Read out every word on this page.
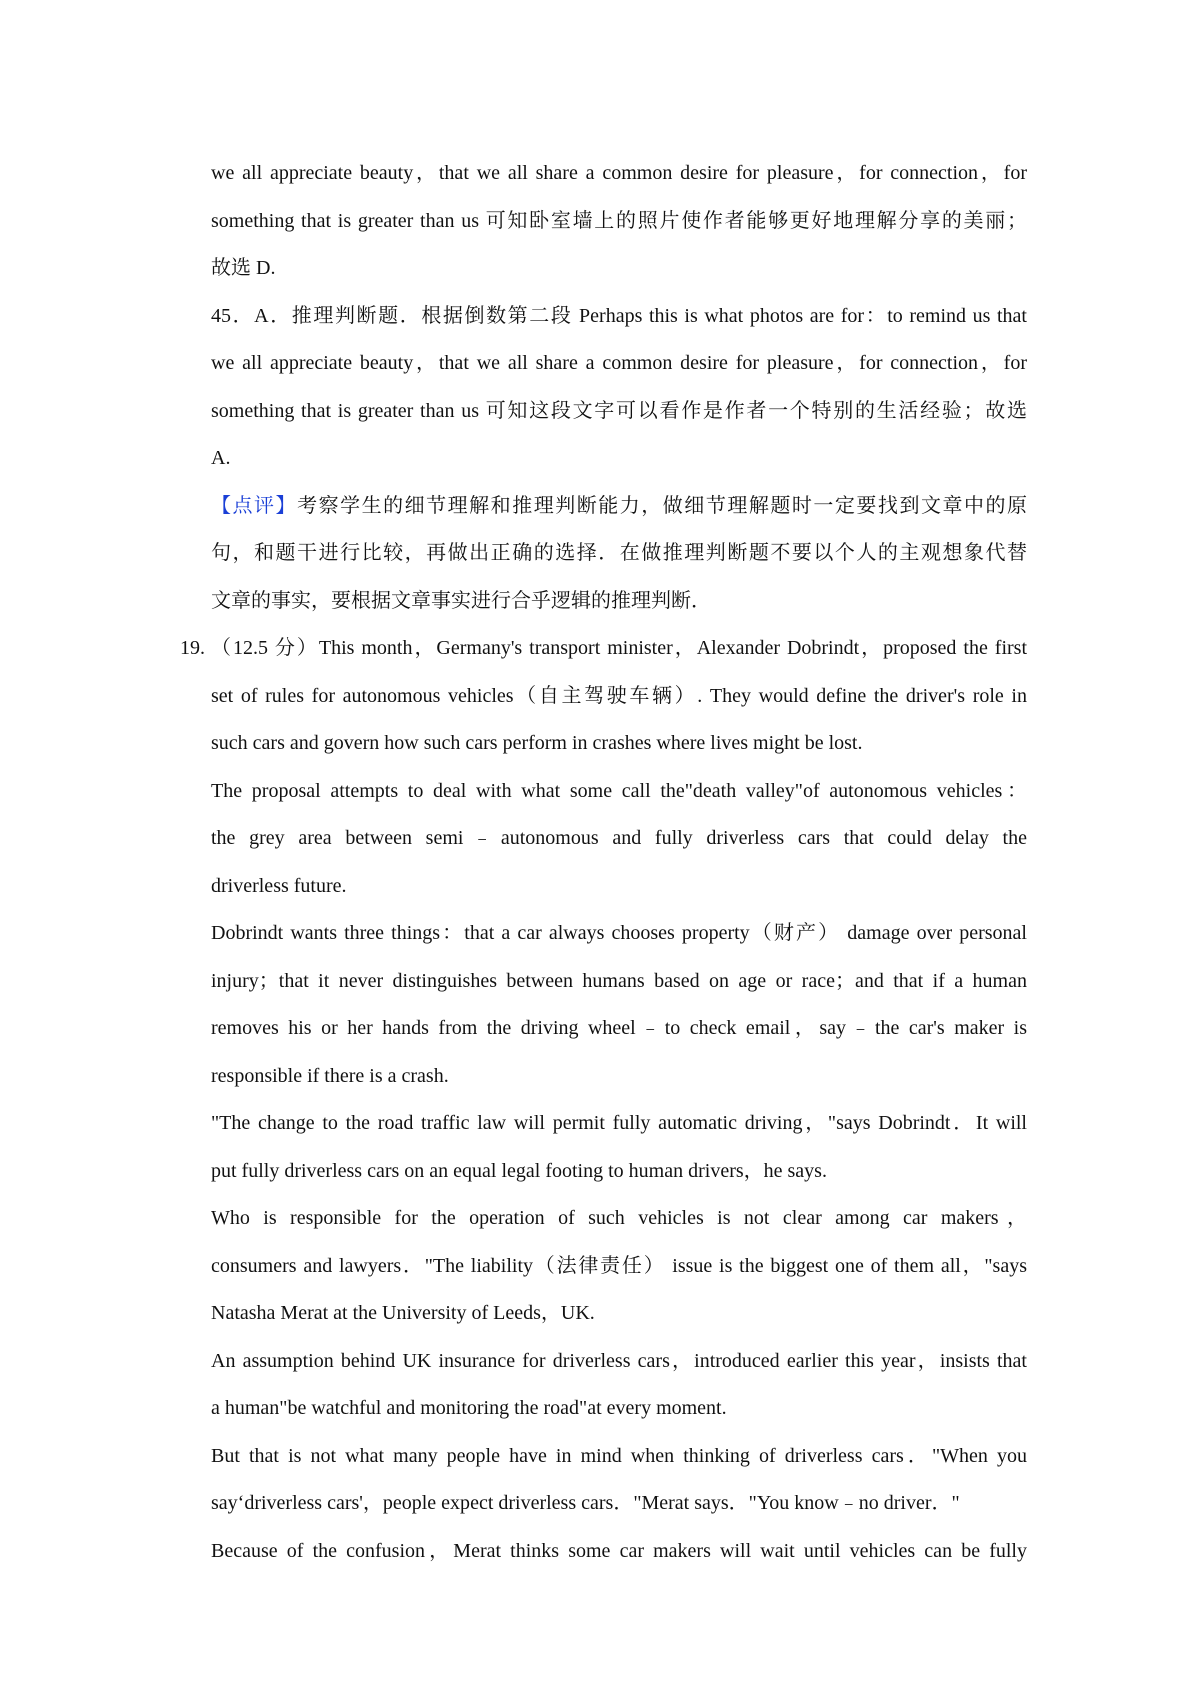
we all appreciate beauty，that we all share a common desire for pleasure，for connection，for
something that is greater than us 可知卧室墙上的照片使作者能够更好地理解分享的美丽；
故选 D.
45．A．推理判断题．根据倒数第二段 Perhaps this is what photos are for：to remind us that
we all appreciate beauty，that we all share a common desire for pleasure，for connection，for
something that is greater than us 可知这段文字可以看作是作者一个特别的生活经验；故选
A.
【点评】考察学生的细节理解和推理判断能力，做细节理解题时一定要找到文章中的原
句，和题干进行比较，再做出正确的选择．在做推理判断题不要以个人的主观想象代替
文章的事实，要根据文章事实进行合乎逻辑的推理判断．
19. （12.5 分）This month，Germany's transport minister，Alexander Dobrindt，proposed the first
set of rules for autonomous vehicles（自主驾驶车辆）. They would define the driver's role in
such cars and govern how such cars perform in crashes where lives might be lost.
The proposal attempts to deal with what some call the"death valley"of autonomous vehicles：
the grey area between semi﹣autonomous and fully driverless cars that could delay the
driverless future.
Dobrindt wants three things：that a car always chooses property（财产） damage over personal
injury；that it never distinguishes between humans based on age or race；and that if a human
removes his or her hands from the driving wheel﹣to check email，say﹣the car's maker is
responsible if there is a crash.
"The change to the road traffic law will permit fully automatic driving，"says Dobrindt．It will
put fully driverless cars on an equal legal footing to human drivers，he says.
Who is responsible for the operation of such vehicles is not clear among car makers，
consumers and lawyers．"The liability（法律责任） issue is the biggest one of them all，"says
Natasha Merat at the University of Leeds，UK.
An assumption behind UK insurance for driverless cars，introduced earlier this year，insists that
a human"be watchful and monitoring the road"at every moment.
But that is not what many people have in mind when thinking of driverless cars．"When you
say‘driverless cars'，people expect driverless cars．"Merat says．"You know﹣no driver．"
Because of the confusion，Merat thinks some car makers will wait until vehicles can be fully
